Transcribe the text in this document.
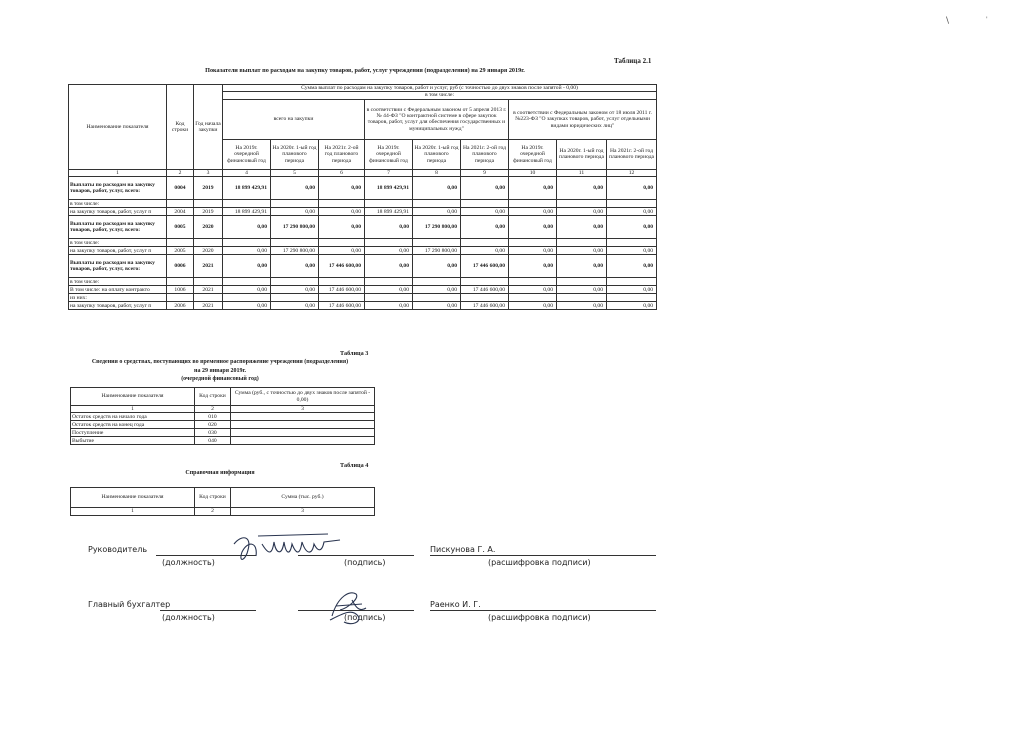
Таблица 2.1
Показатели выплат по расходам на закупку товаров, работ, услуг учреждения (подразделения) на 29 января 2019г.
Наименование показателя	Код строки	Год начала закупки	Сумма выплат по расходам на закупку товаров, работ и услуг, руб (с точностью до двух знаков после запятой - 0,00)								
			в том числе:								
			всего на закупки			в соответствии с Федеральным законом от 5 апреля 2013 г. № 44-ФЗ "О контрактной системе в сфере закупок товаров, работ, услуг для обеспечения государственных и муниципальных нужд"			в соответствии с Федеральным законом от 18 июля 2011 г. №223-ФЗ "О закупках товаров, работ, услуг отдельными видами юридических лиц"		
			На 2019г. очередной финансовый год	На 2020г. 1-ый год планового периода	На 2021г. 2-ой год планового периода	На 2019г. очередной финансовый год	На 2020г. 1-ый год планового периода	На 2021г. 2-ой год планового периода	На 2019г. очередной финансовый год	На 2020г. 1-ый год планового периода	На 2021г. 2-ой год планового периода
1	2	3	4	5	6	7	8	9	10	11	12
Выплаты по расходам на закупку товаров, работ, услуг, всего:	0004	2019	18 899 429,91	0,00	0,00	18 899 429,91	0,00	0,00	0,00	0,00	0,00
в том числе:											
на закупку товаров, работ, услуг п	2004	2019	18 899 429,91	0,00	0,00	18 899 429,91	0,00	0,00	0,00	0,00	0,00
Выплаты по расходам на закупку товаров, работ, услуг, всего:	0005	2020	0,00	17 290 800,00	0,00	0,00	17 290 800,00	0,00	0,00	0,00	0,00
в том числе:											
на закупку товаров, работ, услуг п	2005	2020	0,00	17 290 800,00	0,00	0,00	17 290 800,00	0,00	0,00	0,00	0,00
Выплаты по расходам на закупку товаров, работ, услуг, всего:	0006	2021	0,00	0,00	17 446 600,00	0,00	0,00	17 446 600,00	0,00	0,00	0,00
в том числе:											
В том числе: на оплату контракто	1006	2021	0,00	0,00	17 446 600,00	0,00	0,00	17 446 600,00	0,00	0,00	0,00
из них:											
на закупку товаров, работ, услуг п	2006	2021	0,00	0,00	17 446 600,00	0,00	0,00	17 446 600,00	0,00	0,00	0,00
Таблица 3
Сведения о средствах, поступающих во временное распоряжение учреждения (подразделения)
на 29 января 2019г.
(очередной финансовый год)
Наименование показателя	Код строки	Сумма (руб., с точностью до двух знаков после запятой - 0,00)
1	2	3
Остаток средств на начало года	010	
Остаток средств на конец года	020	
Поступление	030	
Выбытие	040	
Таблица 4
Справочная информация
Наименование показателя	Код строки	Сумма (тыс. руб.)
1	2	3
Руководитель
(должность)	(подпись)
Пискунова Г. А.
(расшифровка подписи)
Главный бухгалтер
(должность)	(подпись)
Раенко И. Г.
(расшифровка подписи)
\	'
